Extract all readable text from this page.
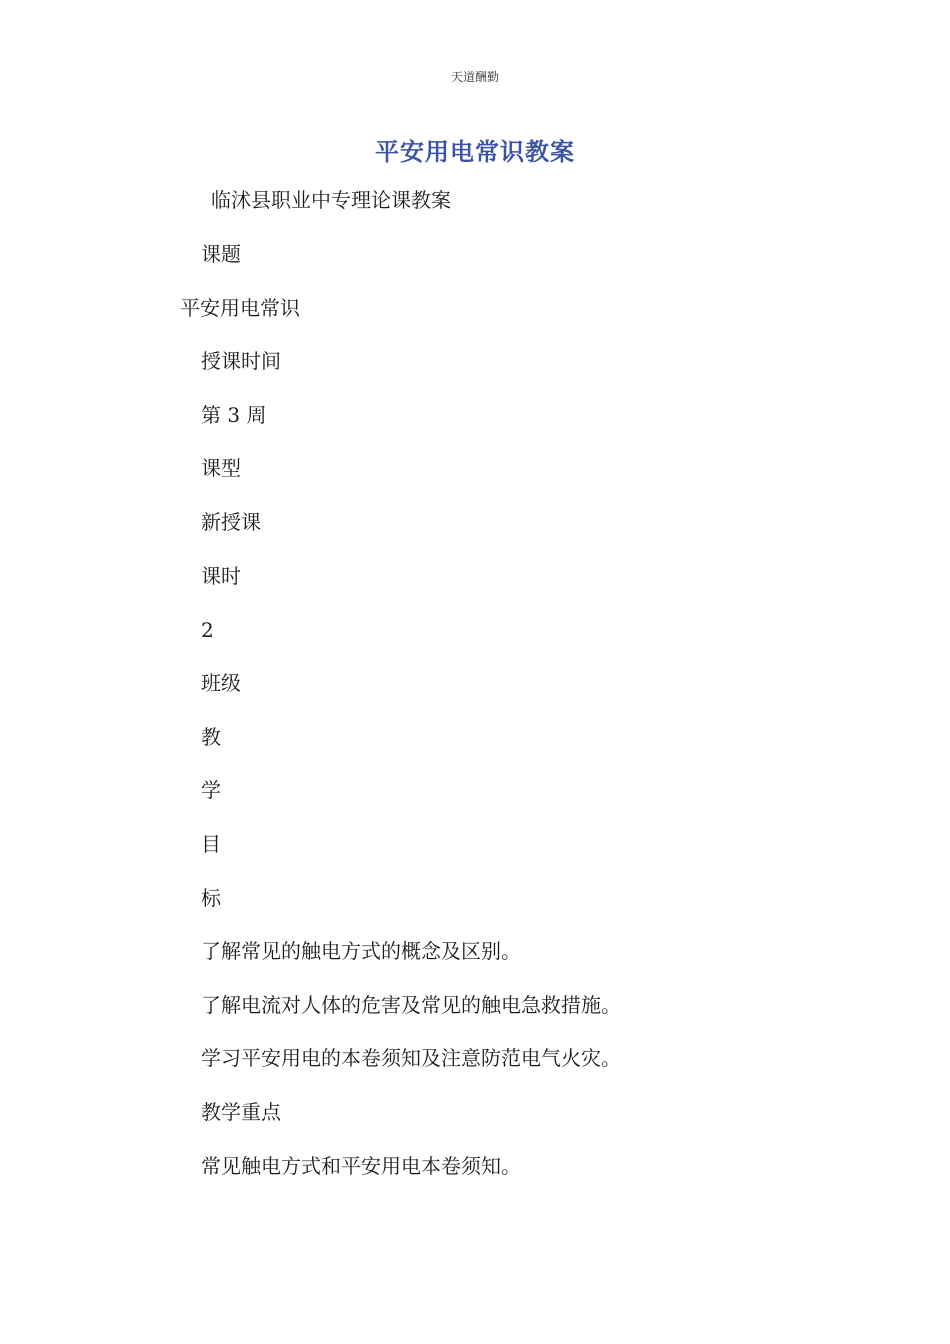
天道酬勤
平安用电常识教案
临沭县职业中专理论课教案
课题
平安用电常识
授课时间
第 3 周
课型
新授课
课时
2
班级
教
学
目
标
了解常见的触电方式的概念及区别。
了解电流对人体的危害及常见的触电急救措施。
学习平安用电的本卷须知及注意防范电气火灾。
教学重点
常见触电方式和平安用电本卷须知。
